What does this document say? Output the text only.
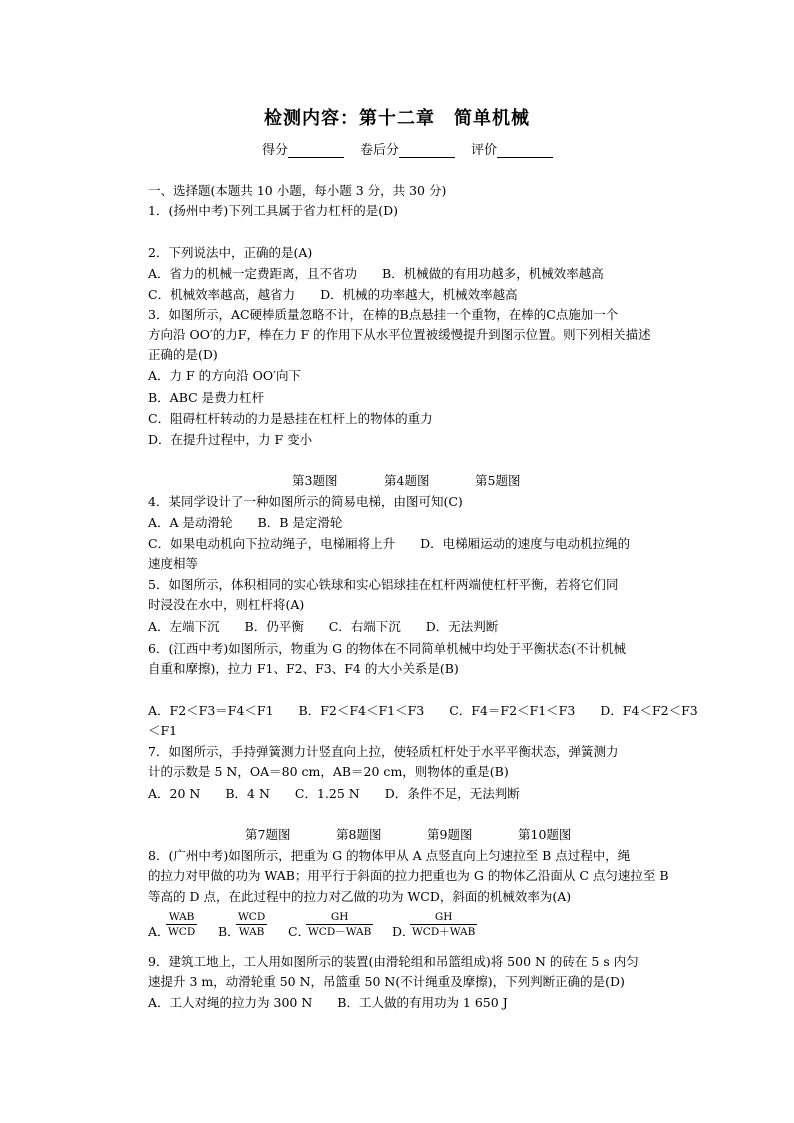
检测内容：第十二章　简单机械
得分	卷后分	评价
一、选择题(本题共 10 小题，每小题 3 分，共 30 分)
1．(扬州中考)下列工具属于省力杠杆的是(D)
2．下列说法中，正确的是(A)
A．省力的机械一定费距离，且不省功　　B．机械做的有用功越多，机械效率越高
C．机械效率越高，越省力　　D．机械的功率越大，机械效率越高
3．如图所示，AC硬棒质量忽略不计，在棒的B点悬挂一个重物，在棒的C点施加一个
方向沿 OO′的力F，棒在力 F 的作用下从水平位置被缓慢提升到图示位置。则下列相关描述
正确的是(D)
A．力 F 的方向沿 OO′向下
B．ABC 是费力杠杆
C．阻碍杠杆转动的力是悬挂在杠杆上的物体的重力
D．在提升过程中，力 F 变小
第3题图	第4题图	第5题图
4．某同学设计了一种如图所示的简易电梯，由图可知(C)
A．A 是动滑轮　　B．B 是定滑轮
C．如果电动机向下拉动绳子，电梯厢将上升　　D．电梯厢运动的速度与电动机拉绳的
速度相等
5．如图所示，体积相同的实心铁球和实心铝球挂在杠杆两端使杠杆平衡，若将它们同
时浸没在水中，则杠杆将(A)
A．左端下沉　　B．仍平衡　　C．右端下沉　　D．无法判断
6．(江西中考)如图所示，物重为 G 的物体在不同简单机械中均处于平衡状态(不计机械
自重和摩擦)，拉力 F1、F2、F3、F4 的大小关系是(B)
A．F2＜F3＝F4＜F1　　B．F2＜F4＜F1＜F3　　C．F4＝F2＜F1＜F3　　D．F4＜F2＜F3
＜F1
7．如图所示，手持弹簧测力计竖直向上拉，使轻质杠杆处于水平平衡状态，弹簧测力
计的示数是 5 N，OA＝80 cm，AB＝20 cm，则物体的重是(B)
A．20 N　　B．4 N　　C．1.25 N　　D．条件不足，无法判断
第7题图	第8题图	第9题图	第10题图
8．(广州中考)如图所示，把重为 G 的物体甲从 A 点竖直向上匀速拉至 B 点过程中，绳
的拉力对甲做的功为 WAB；用平行于斜面的拉力把重也为 G 的物体乙沿面从 C 点匀速拉至 B
等高的 D 点，在此过程中的拉力对乙做的功为 WCD，斜面的机械效率为(A)
A．
WAB
WCD B．
WCD
WAB C．
GH
WCD－WAB D．
GH
WCD＋WAB
9．建筑工地上，工人用如图所示的装置(由滑轮组和吊篮组成)将 500 N 的砖在 5 s 内匀
速提升 3 m，动滑轮重 50 N，吊篮重 50 N(不计绳重及摩擦)，下列判断正确的是(D)
A．工人对绳的拉力为 300 N　　B．工人做的有用功为 1 650 J
